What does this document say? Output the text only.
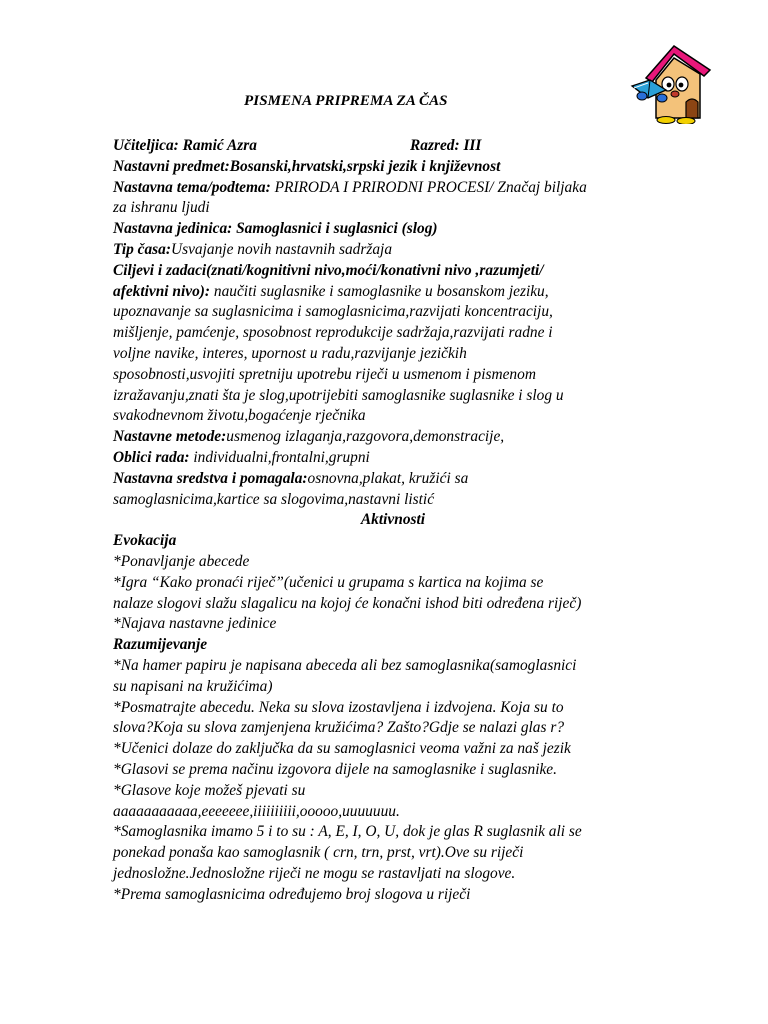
PISMENA PRIPREMA ZA ČAS
Učiteljica: Ramić Azra	Razred: III
Nastavni predmet:Bosanski,hrvatski,srpski jezik i književnost
Nastavna tema/podtema: PRIRODA I PRIRODNI PROCESI/ Značaj biljaka
za ishranu ljudi
Nastavna jedinica: Samoglasnici i suglasnici (slog)
Tip časa:Usvajanje novih nastavnih sadržaja
Ciljevi i zadaci(znati/kognitivni nivo,moći/konativni nivo ,razumjeti/
afektivni nivo): naučiti suglasnike i samoglasnike u bosanskom jeziku,
upoznavanje sa suglasnicima i samoglasnicima,razvijati koncentraciju,
mišljenje, pamćenje, sposobnost reprodukcije sadržaja,razvijati radne i
voljne navike, interes, upornost u radu,razvijanje jezičkih
sposobnosti,usvojiti spretniju upotrebu riječi u usmenom i pismenom
izražavanju,znati šta je slog,upotrijebiti samoglasnike suglasnike i slog u
svakodnevnom životu,bogaćenje rječnika
Nastavne metode:usmenog izlaganja,razgovora,demonstracije,
Oblici rada: individualni,frontalni,grupni
Nastavna sredstva i pomagala:osnovna,plakat, kružići sa
samoglasnicima,kartice sa slogovima,nastavni listić
Aktivnosti
Evokacija
*Ponavljanje abecede
*Igra “Kako pronaći riječ”(učenici u grupama s kartica na kojima se
nalaze slogovi slažu slagalicu na kojoj će konačni ishod biti određena riječ)
*Najava nastavne jedinice
Razumijevanje
*Na hamer papiru je napisana abeceda ali bez samoglasnika(samoglasnici
su napisani na kružićima)
*Posmatrajte abecedu. Neka su slova izostavljena i izdvojena. Koja su to
slova?Koja su slova zamjenjena kružićima? Zašto?Gdje se nalazi glas r?
*Učenici dolaze do zaključka da su samoglasnici veoma važni za naš jezik
*Glasovi se prema načinu izgovora dijele na samoglasnike i suglasnike.
*Glasove koje možeš pjevati su
aaaaaaaaaaa,eeeeeee,iiiiiiiiii,ooooo,uuuuuuu.
*Samoglasnika imamo 5 i to su : A, E, I, O, U, dok je glas R suglasnik ali se
ponekad ponaša kao samoglasnik ( crn, trn, prst, vrt).Ove su riječi
jednosložne.Jednosložne riječi ne mogu se rastavljati na slogove.
*Prema samoglasnicima određujemo broj slogova u riječi
